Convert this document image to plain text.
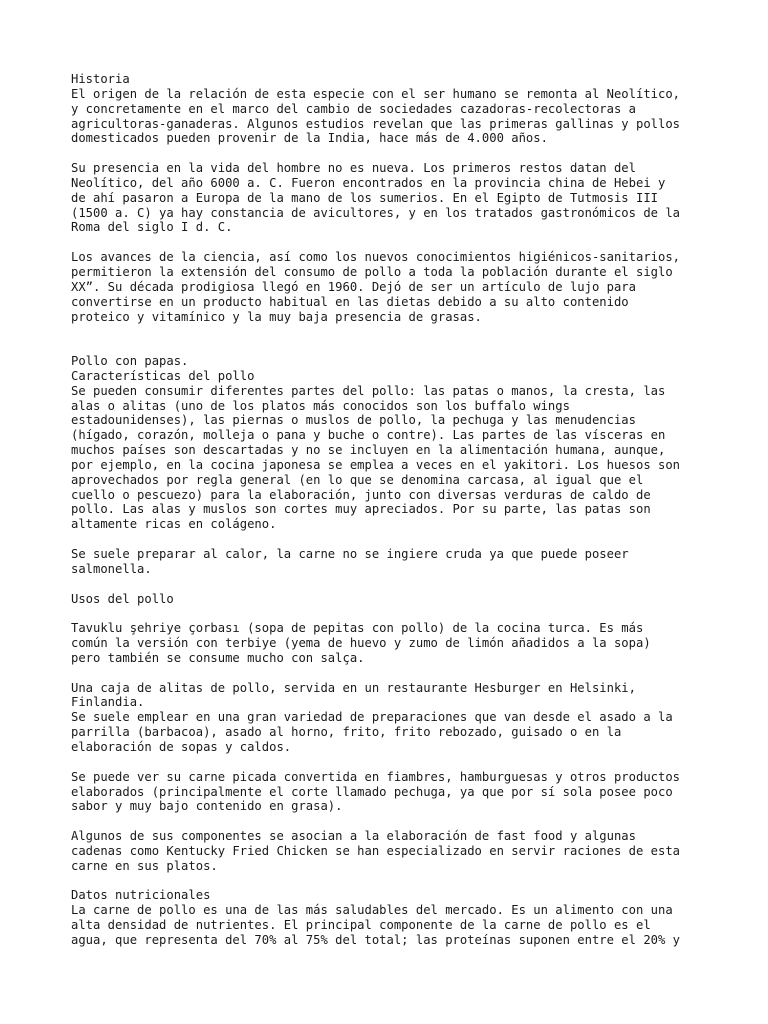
Historia
El origen de la relación de esta especie con el ser humano se remonta al Neolítico,
y concretamente en el marco del cambio de sociedades cazadoras-recolectoras a
agricultoras-ganaderas. Algunos estudios revelan que las primeras gallinas y pollos
domesticados pueden provenir de la India, hace más de 4.000 años.
Su presencia en la vida del hombre no es nueva. Los primeros restos datan del
Neolítico, del año 6000 a. C. Fueron encontrados en la provincia china de Hebei y
de ahí pasaron a Europa de la mano de los sumerios. En el Egipto de Tutmosis III
(1500 a. C) ya hay constancia de avicultores, y en los tratados gastronómicos de la
Roma del siglo I d. C.
Los avances de la ciencia, así como los nuevos conocimientos higiénicos-sanitarios,
permitieron la extensión del consumo de pollo a toda la población durante el siglo
XX”. Su década prodigiosa llegó en 1960. Dejó de ser un artículo de lujo para
convertirse en un producto habitual en las dietas debido a su alto contenido
proteico y vitamínico y la muy baja presencia de grasas.
Pollo con papas.
Características del pollo
Se pueden consumir diferentes partes del pollo: las patas o manos, la cresta, las
alas o alitas (uno de los platos más conocidos son los buffalo wings
estadounidenses), las piernas o muslos de pollo, la pechuga y las menudencias
(hígado, corazón, molleja o pana y buche o contre). Las partes de las vísceras en
muchos países son descartadas y no se incluyen en la alimentación humana, aunque,
por ejemplo, en la cocina japonesa se emplea a veces en el yakitori. Los huesos son
aprovechados por regla general (en lo que se denomina carcasa, al igual que el
cuello o pescuezo) para la elaboración, junto con diversas verduras de caldo de
pollo. Las alas y muslos son cortes muy apreciados. Por su parte, las patas son
altamente ricas en colágeno.
Se suele preparar al calor, la carne no se ingiere cruda ya que puede poseer
salmonella.
Usos del pollo
Tavuklu şehriye çorbası (sopa de pepitas con pollo) de la cocina turca. Es más
común la versión con terbiye (yema de huevo y zumo de limón añadidos a la sopa)
pero también se consume mucho con salça.
Una caja de alitas de pollo, servida en un restaurante Hesburger en Helsinki,
Finlandia.
Se suele emplear en una gran variedad de preparaciones que van desde el asado a la
parrilla (barbacoa), asado al horno, frito, frito rebozado, guisado o en la
elaboración de sopas y caldos.
Se puede ver su carne picada convertida en fiambres, hamburguesas y otros productos
elaborados (principalmente el corte llamado pechuga, ya que por sí sola posee poco
sabor y muy bajo contenido en grasa).
Algunos de sus componentes se asocian a la elaboración de fast food y algunas
cadenas como Kentucky Fried Chicken se han especializado en servir raciones de esta
carne en sus platos.
Datos nutricionales
La carne de pollo es una de las más saludables del mercado. Es un alimento con una
alta densidad de nutrientes. El principal componente de la carne de pollo es el
agua, que representa del 70% al 75% del total; las proteínas suponen entre el 20% y
